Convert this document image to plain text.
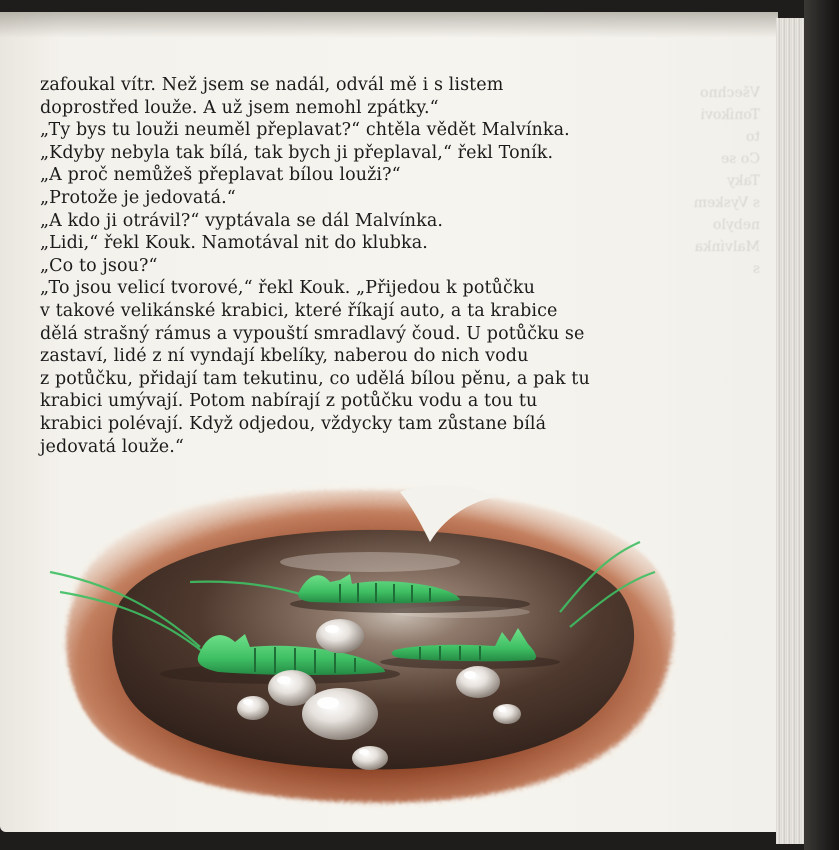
Všechno
Toníkovi
to
Co se
Taky
s Vyskem
nebylo
Malvínka
s

zafoukal vítr. Než jsem se nadál, odvál mě i s listem
doprostřed louže. A už jsem nemohl zpátky.“
„Ty bys tu louži neuměl přeplavat?“ chtěla vědět Malvínka.
„Kdyby nebyla tak bílá, tak bych ji přeplaval,“ řekl Toník.
„A proč nemůžeš přeplavat bílou louži?“
„Protože je jedovatá.“
„A kdo ji otrávil?“ vyptávala se dál Malvínka.
„Lidi,“ řekl Kouk. Namotával nit do klubka.
„Co to jsou?“
„To jsou velicí tvorové,“ řekl Kouk. „Přijedou k potůčku
v takové velikánské krabici, které říkají auto, a ta krabice
dělá strašný rámus a vypouští smradlavý čoud. U potůčku se
zastaví, lidé z ní vyndají kbelíky, naberou do nich vodu
z potůčku, přidají tam tekutinu, co udělá bílou pěnu, a pak tu
krabici umývají. Potom nabírají z potůčku vodu a tou tu
krabici polévají. Když odjedou, vždycky tam zůstane bílá
jedovatá louže.“
